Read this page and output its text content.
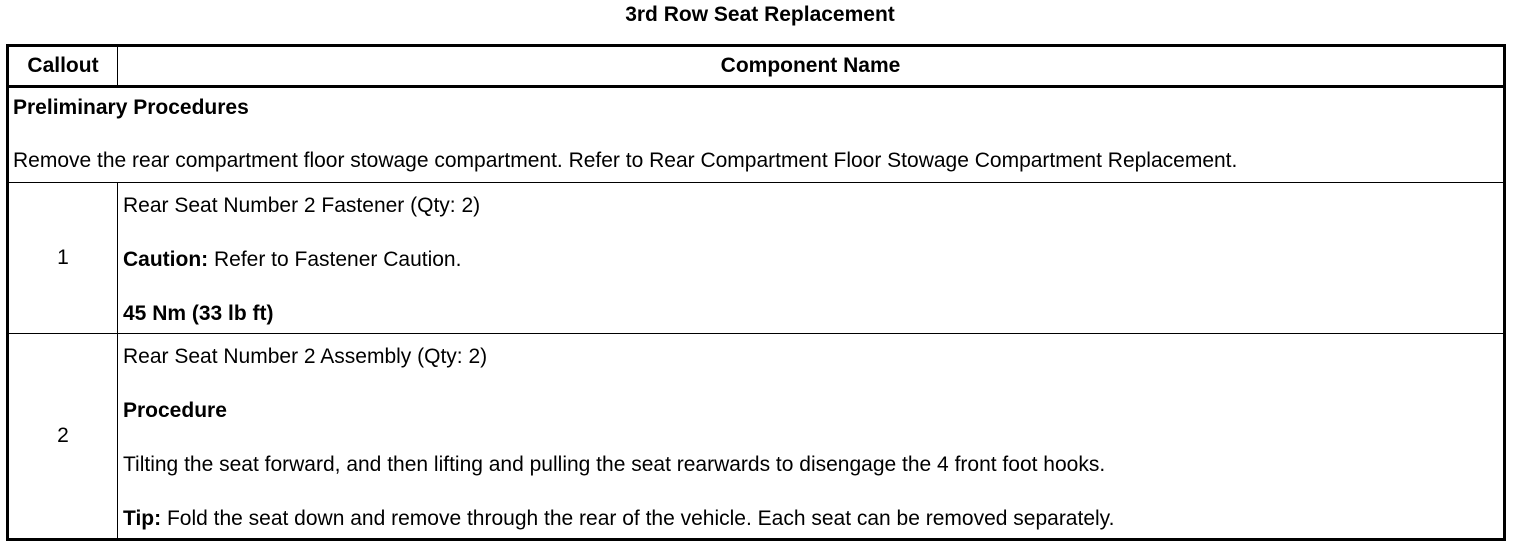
3rd Row Seat Replacement
Callout	Component Name

Preliminary Procedures
Remove the rear compartment floor stowage compartment. Refer to Rear Compartment Floor Stowage Compartment Replacement.	

1	Rear Seat Number 2 Fastener (Qty: 2)
Caution: Refer to Fastener Caution.
45 Nm (33 lb ft)

2	Rear Seat Number 2 Assembly (Qty: 2)
Procedure
Tilting the seat forward, and then lifting and pulling the seat rearwards to disengage the 4 front foot hooks.
Tip: Fold the seat down and remove through the rear of the vehicle. Each seat can be removed separately.
